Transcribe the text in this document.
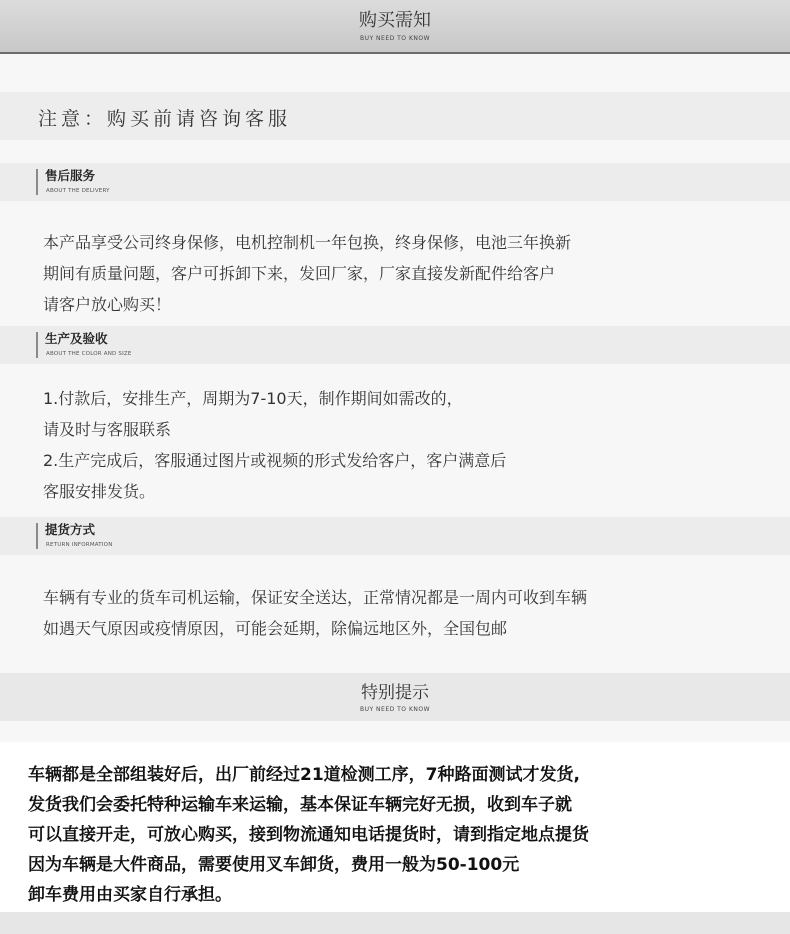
购买需知
BUY NEED TO KNOW
注意：购买前请咨询客服
售后服务
ABOUT THE DELIVERY
本产品享受公司终身保修，电机控制机一年包换，终身保修，电池三年换新
期间有质量问题，客户可拆卸下来，发回厂家，厂家直接发新配件给客户
请客户放心购买！
生产及验收
ABOUT THE COLOR AND SIZE
1.付款后，安排生产，周期为7-10天，制作期间如需改的，
请及时与客服联系
2.生产完成后，客服通过图片或视频的形式发给客户，客户满意后
客服安排发货。
提货方式
RETURN INFORMATION
车辆有专业的货车司机运输，保证安全送达，正常情况都是一周内可收到车辆
如遇天气原因或疫情原因，可能会延期，除偏远地区外，全国包邮
特别提示
BUY NEED TO KNOW
车辆都是全部组装好后，出厂前经过21道检测工序，7种路面测试才发货,
发货我们会委托特种运输车来运输，基本保证车辆完好无损，收到车子就
可以直接开走，可放心购买，接到物流通知电话提货时，请到指定地点提货
因为车辆是大件商品，需要使用叉车卸货，费用一般为50-100元
卸车费用由买家自行承担。
